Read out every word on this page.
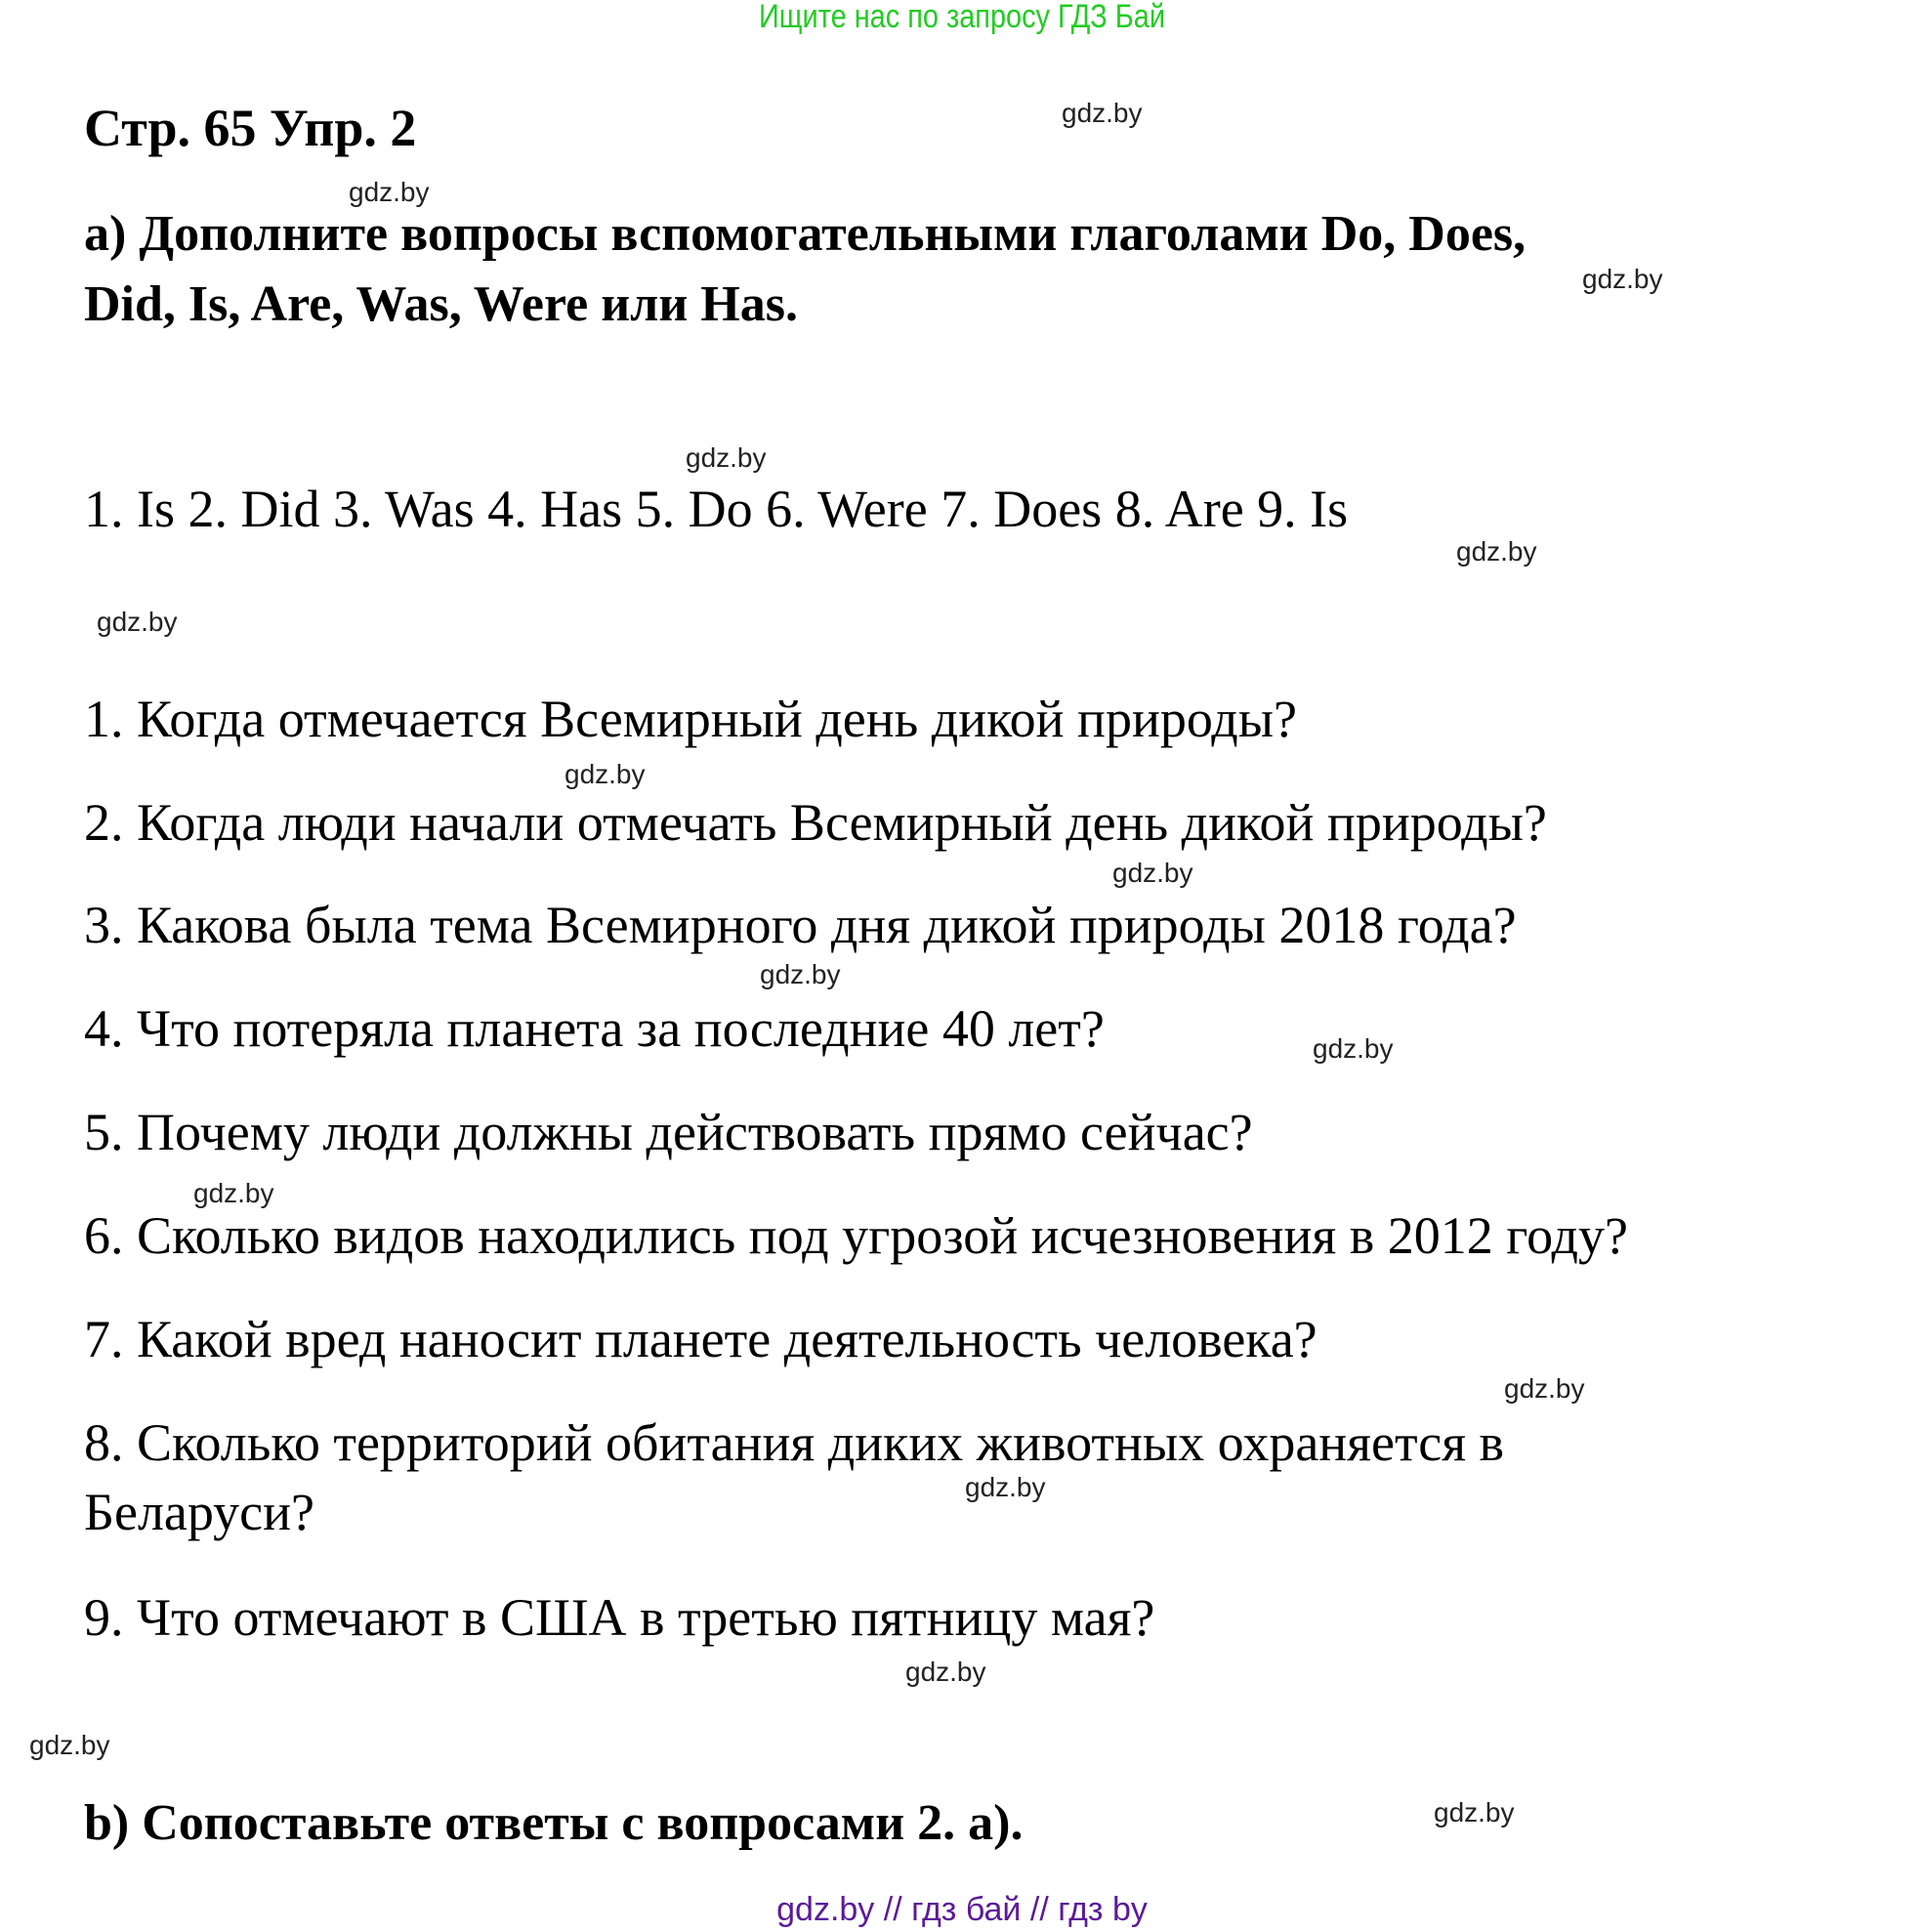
Ищите нас по запросу ГДЗ Бай
Стр. 65 Упр. 2
a) Дополните вопросы вспомогательными глаголами Do, Does,
Did, Is, Are, Was, Were или Has.
1. Is 2. Did 3. Was 4. Has 5. Do 6. Were 7. Does 8. Are 9. Is
1. Когда отмечается Всемирный день дикой природы?
2. Когда люди начали отмечать Всемирный день дикой природы?
3. Какова была тема Всемирного дня дикой природы 2018 года?
4. Что потеряла планета за последние 40 лет?
5. Почему люди должны действовать прямо сейчас?
6. Сколько видов находились под угрозой исчезновения в 2012 году?
7. Какой вред наносит планете деятельность человека?
8. Сколько территорий обитания диких животных охраняется в
Беларуси?
9. Что отмечают в США в третью пятницу мая?
b) Сопоставьте ответы с вопросами 2. a).
gdz.by
gdz.by
gdz.by
gdz.by
gdz.by
gdz.by
gdz.by
gdz.by
gdz.by
gdz.by
gdz.by
gdz.by
gdz.by
gdz.by
gdz.by
gdz.by
gdz.by // гдз бай // гдз by
